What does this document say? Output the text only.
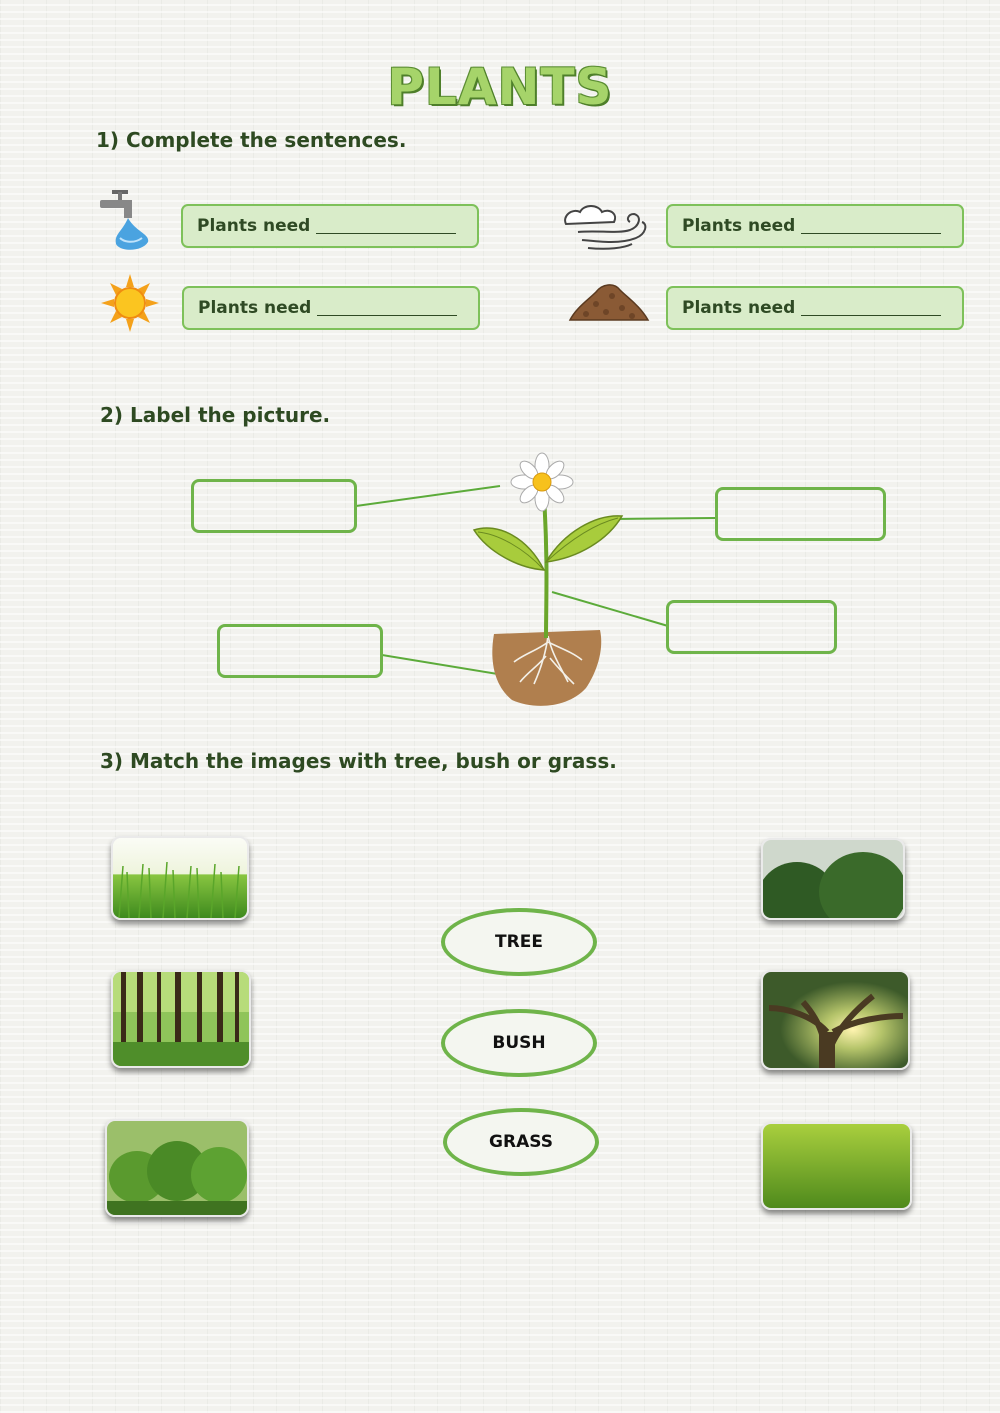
PLANTS
1) Complete the sentences.
Plants need	Plants need
Plants need	Plants need
2) Label the picture.
3) Match the images with tree, bush or grass.
TREE
BUSH
GRASS
